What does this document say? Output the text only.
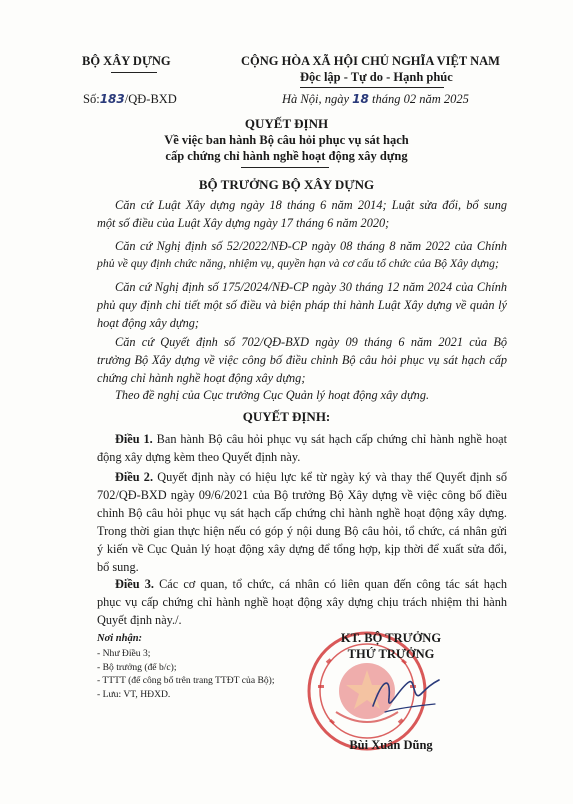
BỘ XÂY DỰNG	CỘNG HÒA XÃ HỘI CHỦ NGHĨA VIỆT NAM
Độc lập - Tự do - Hạnh phúc
Số:183/QĐ-BXD	Hà Nội, ngày 18 tháng 02 năm 2025
QUYẾT ĐỊNH
Về việc ban hành Bộ câu hỏi phục vụ sát hạch
cấp chứng chỉ hành nghề hoạt động xây dựng
BỘ TRƯỞNG BỘ XÂY DỰNG
Căn cứ Luật Xây dựng ngày 18 tháng 6 năm 2014; Luật sửa đổi, bổ sung
một số điều của Luật Xây dựng ngày 17 tháng 6 năm 2020;
Căn cứ Nghị định số 52/2022/NĐ-CP ngày 08 tháng 8 năm 2022 của Chính
phủ về quy định chức năng, nhiệm vụ, quyền hạn và cơ cấu tổ chức của Bộ Xây dựng;
Căn cứ Nghị định số 175/2024/NĐ-CP ngày 30 tháng 12 năm 2024 của Chính
phủ quy định chi tiết một số điều và biện pháp thi hành Luật Xây dựng về quản lý
hoạt động xây dựng;
Căn cứ Quyết định số 702/QĐ-BXD ngày 09 tháng 6 năm 2021 của Bộ
trưởng Bộ Xây dựng về việc công bố điều chỉnh Bộ câu hỏi phục vụ sát hạch cấp
chứng chỉ hành nghề hoạt động xây dựng;
Theo đề nghị của Cục trưởng Cục Quản lý hoạt động xây dựng.
QUYẾT ĐỊNH:
Điều 1. Ban hành Bộ câu hỏi phục vụ sát hạch cấp chứng chỉ hành nghề hoạt
động xây dựng kèm theo Quyết định này.
Điều 2. Quyết định này có hiệu lực kể từ ngày ký và thay thế Quyết định số
702/QĐ-BXD ngày 09/6/2021 của Bộ trưởng Bộ Xây dựng về việc công bố điều
chỉnh Bộ câu hỏi phục vụ sát hạch cấp chứng chỉ hành nghề hoạt động xây dựng.
Trong thời gian thực hiện nếu có góp ý nội dung Bộ câu hỏi, tổ chức, cá nhân gửi
ý kiến về Cục Quản lý hoạt động xây dựng để tổng hợp, kịp thời để xuất sửa đổi,
bổ sung.
Điều 3. Các cơ quan, tổ chức, cá nhân có liên quan đến công tác sát hạch
phục vụ cấp chứng chỉ hành nghề hoạt động xây dựng chịu trách nhiệm thi hành
Quyết định này./.
Nơi nhận:
- Như Điều 3;
- Bộ trưởng (để b/c);
- TTTT (để công bố trên trang TTĐT của Bộ);
- Lưu: VT, HĐXD.
KT. BỘ TRƯỞNG
THỨ TRƯỞNG
Bùi Xuân Dũng
